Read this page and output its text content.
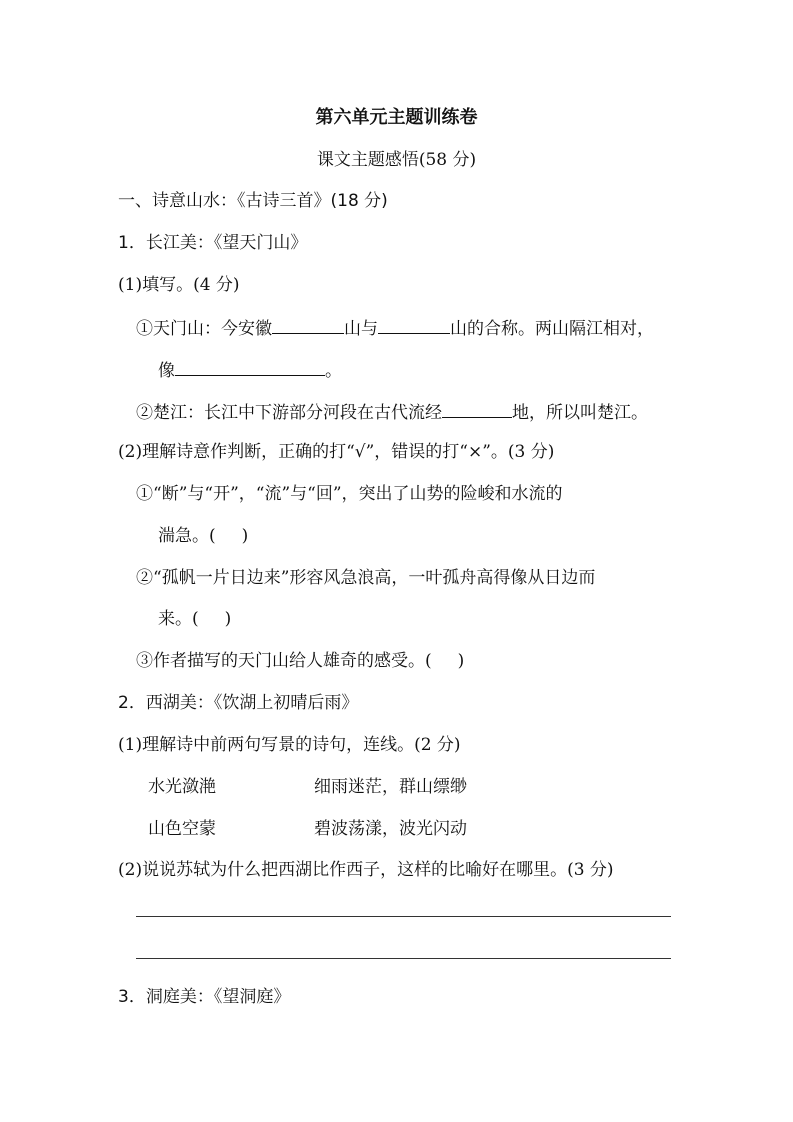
第六单元主题训练卷
课文主题感悟(58 分)
一、诗意山水：《古诗三首》(18 分)
1．长江美：《望天门山》
(1)填写。(4 分)
①天门山：今安徽	山与	山的合称。两山隔江相对，
像	。
②楚江：长江中下游部分河段在古代流经	地，所以叫楚江。
(2)理解诗意作判断，正确的打“√”，错误的打“×”。(3 分)
①“断”与“开”，“流”与“回”，突出了山势的险峻和水流的
湍急。( )
②“孤帆一片日边来”形容风急浪高，一叶孤舟高得像从日边而
来。( )
③作者描写的天门山给人雄奇的感受。( )
2．西湖美：《饮湖上初晴后雨》
(1)理解诗中前两句写景的诗句，连线。(2 分)
水光潋滟	细雨迷茫，群山缥缈
山色空蒙	碧波荡漾，波光闪动
(2)说说苏轼为什么把西湖比作西子，这样的比喻好在哪里。(3 分)
3．洞庭美：《望洞庭》
